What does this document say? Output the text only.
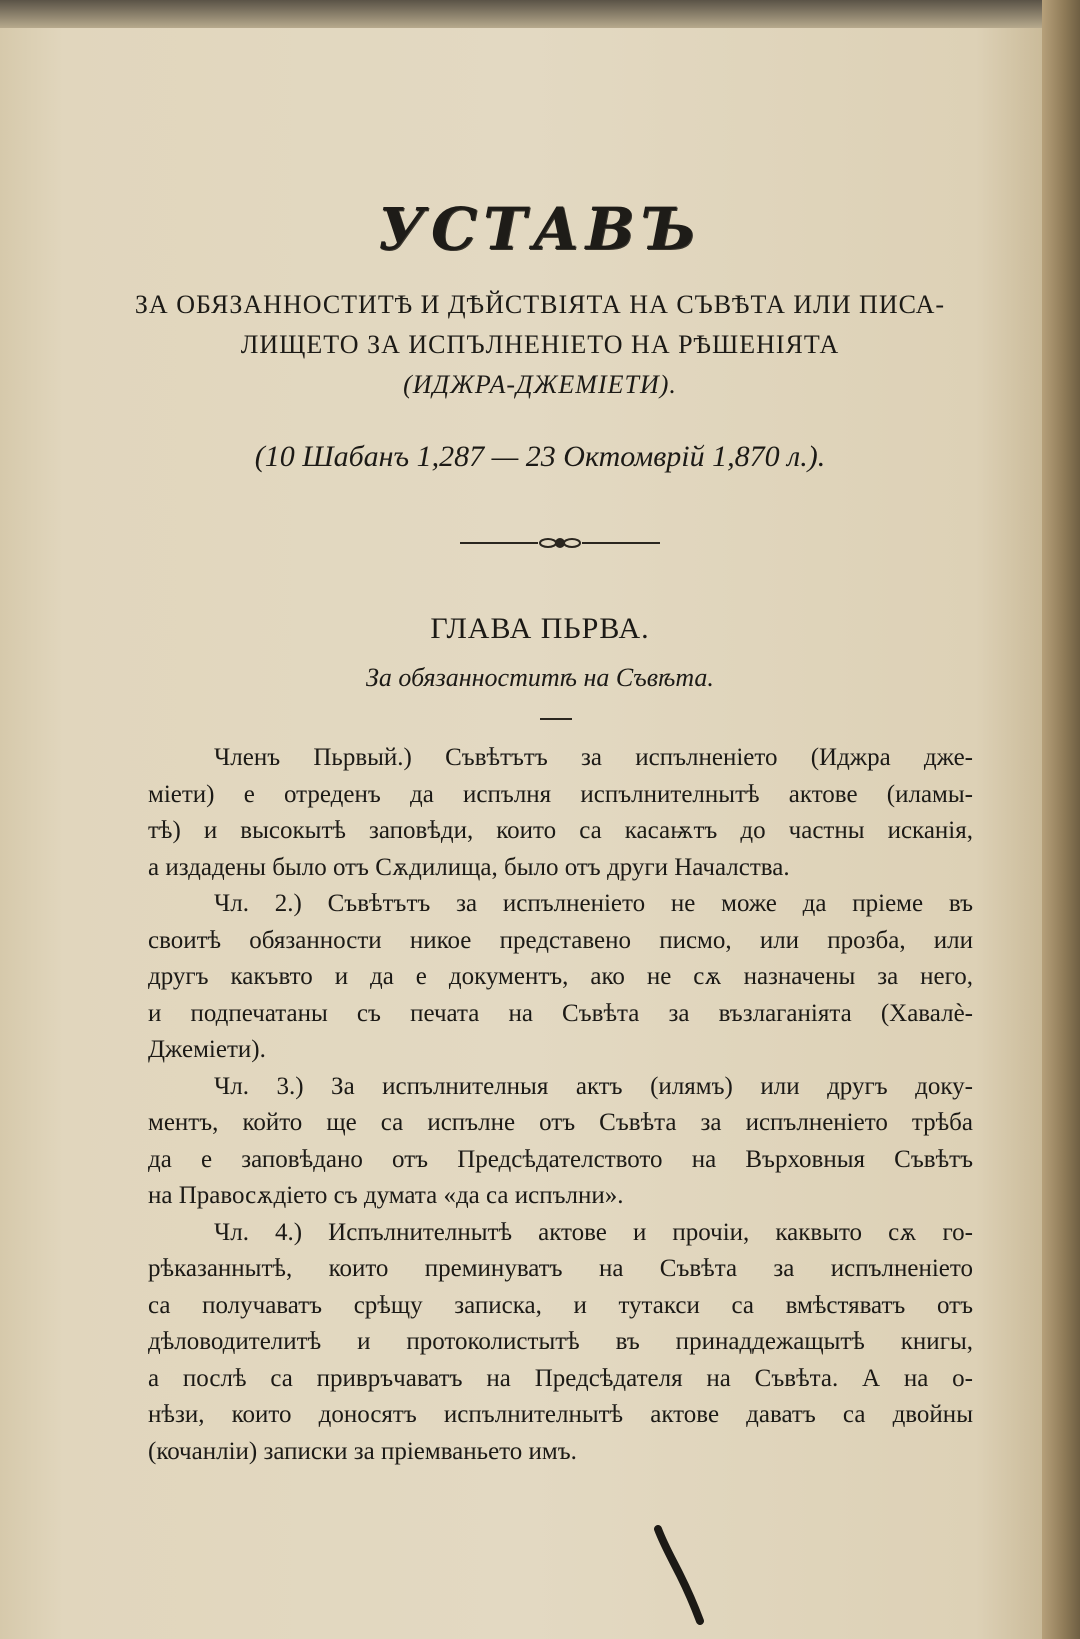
УСТАВЪ
ЗА ОБЯЗАННОСТИТѢ И ДѢЙСТВІЯТА НА СЪВѢТА ИЛИ ПИСА-
ЛИЩЕТО ЗА ИСПЪЛНЕНІЕТО НА РѢШЕНІЯТА
(ИДЖРА-ДЖЕМІЕТИ).
(10 Шабанъ 1,287 — 23 Октомврій 1,870 л.).
ГЛАВА ПЬРВА.
За обязанноститѣ на Съвѣта.
Членъ Пьрвый.) Съвѣтътъ за испълненіето (Иджра дже-
міети) е отреденъ да испълня испълнителнытѣ актове (иламы-
тѣ) и высокытѣ заповѣди, които са касаѭтъ до частны исканія,
а издадены было отъ Сѫдилища, было отъ други Началства.
Чл. 2.) Съвѣтътъ за испълненіето не може да пріеме въ
своитѣ обязанности никое представено писмо, или прозба, или
другъ какъвто и да е документъ, ако не сѫ назначены за него,
и подпечатаны съ печата на Съвѣта за възлаганіята (Хавалѐ-
Джеміети).
Чл. 3.) За испълнителныя актъ (илямъ) или другъ доку-
ментъ, който ще са испълне отъ Съвѣта за испълненіето трѣба
да е заповѣдано отъ Предсѣдателството на Върховныя Съвѣтъ
на Правосѫдіето съ думата «да са испълни».
Чл. 4.) Испълнителнытѣ актове и прочіи, каквыто сѫ го-
рѣказаннытѣ, които преминуватъ на Съвѣта за испълненіето
са получаватъ срѣщу записка, и тутакси са вмѣстяватъ отъ
дѣловодителитѣ и протоколистытѣ въ принаддежащытѣ книгы,
а послѣ са привръчаватъ на Предсѣдателя на Съвѣта. А на о-
нѣзи, които доносятъ испълнителнытѣ актове даватъ са двойны
(кочанліи) записки за пріемваньето имъ.
